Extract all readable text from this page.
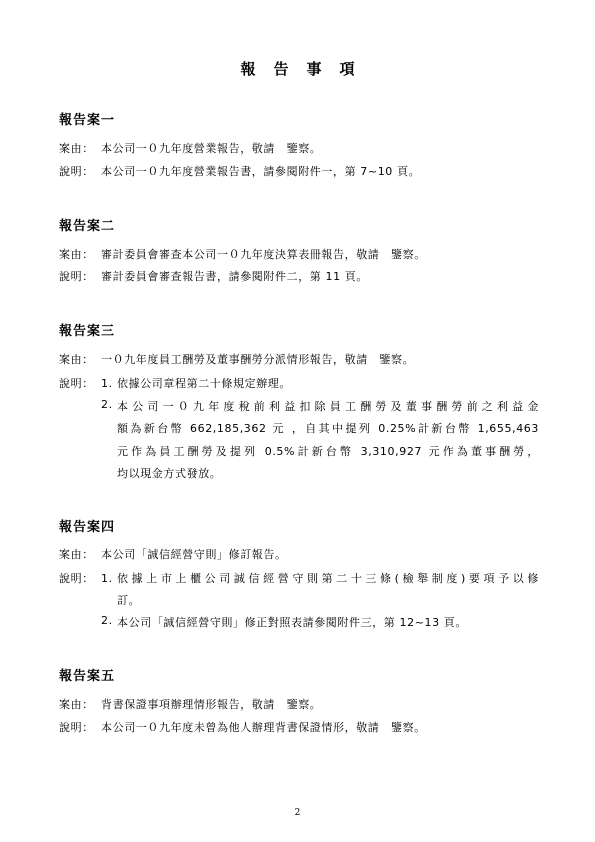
報告事項
報告案一
案由： 本公司一０九年度營業報告，敬請　鑒察。
說明： 本公司一０九年度營業報告書，請參閱附件一，第 7~10 頁。
報告案二
案由： 審計委員會審查本公司一０九年度決算表冊報告，敬請　鑒察。
說明： 審計委員會審查報告書，請參閱附件二，第 11 頁。
報告案三
案由： 一０九年度員工酬勞及董事酬勞分派情形報告，敬請　鑒察。
說明： 1. 依據公司章程第二十條規定辦理。
2. 本公司一０九年度稅前利益扣除員工酬勞及董事酬勞前之利益金
額為新台幣 662,185,362 元 ，自其中提列 0.25%計新台幣 1,655,463
元作為員工酬勞及提列 0.5%計新台幣 3,310,927 元作為董事酬勞，
均以現金方式發放。
報告案四
案由： 本公司「誠信經營守則」修訂報告。
說明： 1. 依據上市上櫃公司誠信經營守則第二十三條(檢舉制度)要項予以修
訂。
2. 本公司「誠信經營守則」修正對照表請參閱附件三，第 12~13 頁。
報告案五
案由： 背書保證事項辦理情形報告，敬請　鑒察。
說明： 本公司一０九年度未曾為他人辦理背書保證情形，敬請　鑒察。
2
